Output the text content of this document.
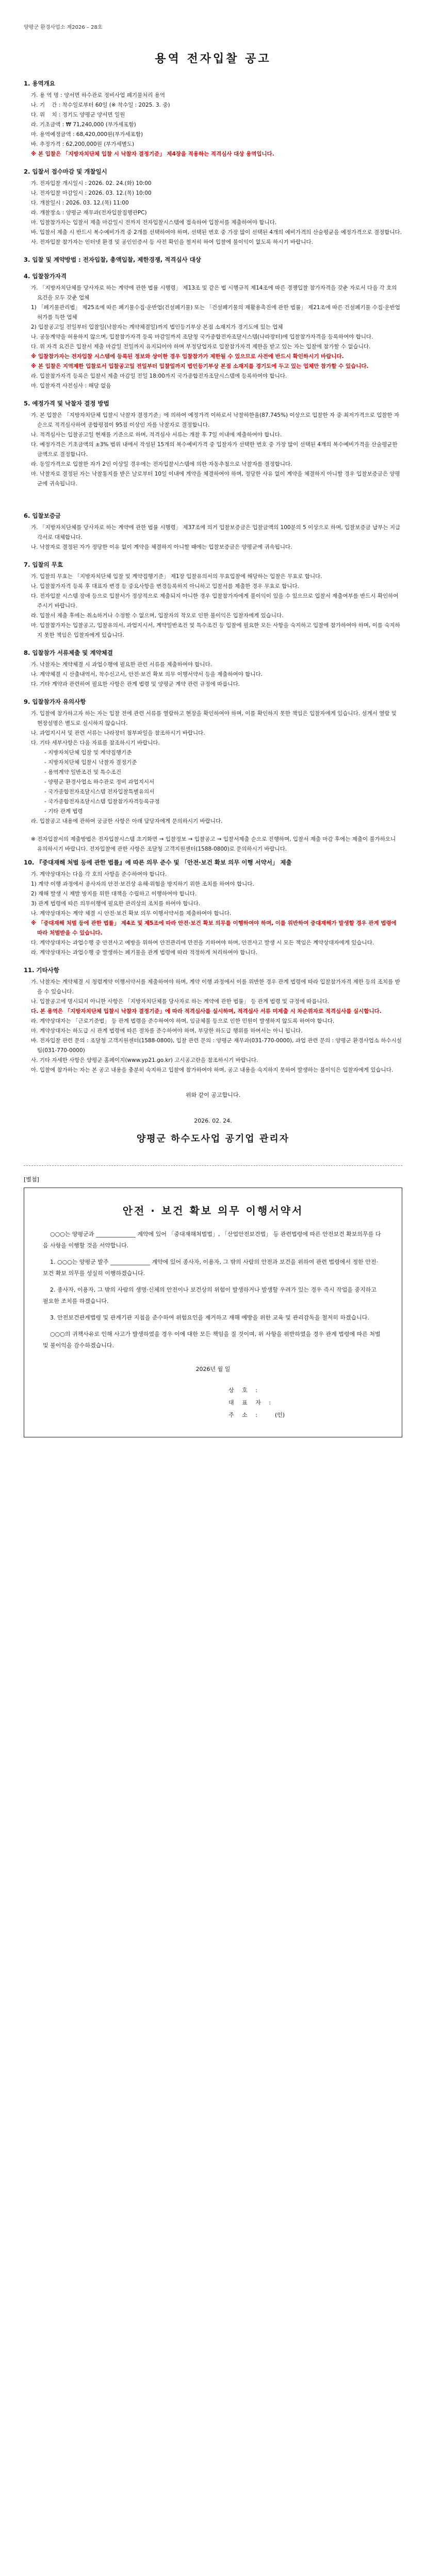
양평군 환경사업소 제2026 – 28호
용역 전자입찰 공고
1. 용역개요
가. 용 역 명 : 양서면 하수관로 정비사업 폐기물처리 용역
나. 기    간 : 착수일로부터 60일 (※ 착수일 : 2025. 3. 중)
다. 위    치 : 경기도 양평군 양서면 일원
라. 기초금액 : ₩ 71,240,000 (부가세포함)
마. 용역예정금액 : 68,420,000원(부가세포함)
바. 추정가격 : 62,200,000원 (부가세별도)
※ 본 입찰은 「지방자치단체 입찰 시 낙찰자 결정기준」 제4장을 적용하는 적격심사 대상 용역입니다.
2. 입찰서 접수마감 및 개찰일시
가. 전자입찰 개시일시 : 2026. 02. 24.(화) 10:00
나. 전자입찰 마감일시 : 2026. 03. 12.(목) 10:00
다. 개찰일시 : 2026. 03. 12.(목) 11:00
라. 개찰장소 : 양평군 재무과(전자입찰집행관PC)
마. 입찰참가자는 입찰서 제출 마감일시 전까지 전자입찰시스템에 접속하여 입찰서를 제출하여야 합니다.
바. 입찰서 제출 시 반드시 복수예비가격 중 2개를 선택하여야 하며, 선택된 번호 중 가장 많이 선택된 4개의 예비가격의 산술평균을 예정가격으로 결정합니다.
사. 전자입찰 참가자는 인터넷 환경 및 공인인증서 등 사전 확인을 철저히 하여 입찰에 불이익이 없도록 하시기 바랍니다.
3. 입찰 및 계약방법 : 전자입찰, 총액입찰, 제한경쟁, 적격심사 대상
4. 입찰참가자격
가. 「지방자치단체를 당사자로 하는 계약에 관한 법률 시행령」 제13조 및 같은 법 시행규칙 제14조에 따른 경쟁입찰 참가자격을 갖춘 자로서 다음 각 호의 요건을 모두 갖춘 업체
1) 「폐기물관리법」 제25조에 따른 폐기물수집·운반업(건설폐기물) 또는 「건설폐기물의 재활용촉진에 관한 법률」 제21조에 따른 건설폐기물 수집·운반업 허가를 득한 업체
2) 입찰공고일 전일부터 입찰일(낙찰자는 계약체결일)까지 법인등기부상 본점 소재지가 경기도에 있는 업체
나. 공동계약을 허용하지 않으며, 입찰참가자격 등록 마감일까지 조달청 국가종합전자조달시스템(나라장터)에 입찰참가자격을 등록하여야 합니다.
다. 위 자격 요건은 입찰서 제출 마감일 전일까지 유지되어야 하며 부정당업자로 입찰참가자격 제한을 받고 있는 자는 입찰에 참가할 수 없습니다.
※ 입찰참가자는 전자입찰 시스템에 등록된 정보와 상이한 경우 입찰참가가 제한될 수 있으므로 사전에 반드시 확인하시기 바랍니다.
※ 본 입찰은 지역제한 입찰로서 입찰공고일 전일부터 입찰일까지 법인등기부상 본점 소재지를 경기도에 두고 있는 업체만 참가할 수 있습니다.
라. 입찰참가자격 등록은 입찰서 제출 마감일 전일 18:00까지 국가종합전자조달시스템에 등록하여야 합니다.
마. 입찰자격 사전심사 : 해당 없음
5. 예정가격 및 낙찰자 결정 방법
가. 본 입찰은 「지방자치단체 입찰시 낙찰자 결정기준」에 의하여 예정가격 이하로서 낙찰하한율(87.745%) 이상으로 입찰한 자 중 최저가격으로 입찰한 자 순으로 적격심사하여 종합평점이 95점 이상인 자를 낙찰자로 결정합니다.
나. 적격심사는 입찰공고일 현재를 기준으로 하며, 적격심사 서류는 개찰 후 7일 이내에 제출하여야 합니다.
다. 예정가격은 기초금액의 ±3% 범위 내에서 작성된 15개의 복수예비가격 중 입찰자가 선택한 번호 중 가장 많이 선택된 4개의 복수예비가격을 산술평균한 금액으로 결정합니다.
라. 동일가격으로 입찰한 자가 2인 이상일 경우에는 전자입찰시스템에 의한 자동추첨으로 낙찰자를 결정합니다.
마. 낙찰자로 결정된 자는 낙찰통지를 받은 날로부터 10일 이내에 계약을 체결하여야 하며, 정당한 사유 없이 계약을 체결하지 아니할 경우 입찰보증금은 양평군에 귀속됩니다.
6. 입찰보증금
가. 「지방자치단체를 당사자로 하는 계약에 관한 법률 시행령」 제37조에 의거 입찰보증금은 입찰금액의 100분의 5 이상으로 하며, 입찰보증금 납부는 지급각서로 대체합니다.
나. 낙찰자로 결정된 자가 정당한 이유 없이 계약을 체결하지 아니할 때에는 입찰보증금은 양평군에 귀속됩니다.
7. 입찰의 무효
가. 입찰의 무효는 「지방자치단체 입찰 및 계약집행기준」 제1장 입찰유의서의 무효입찰에 해당하는 입찰은 무효로 합니다.
나. 입찰참가자격 등록 후 대표자 변경 등 중요사항을 변경등록하지 아니하고 입찰서를 제출한 경우 무효로 합니다.
다. 전자입찰 시스템 장애 등으로 입찰서가 정상적으로 제출되지 아니한 경우 입찰참가자에게 불이익이 있을 수 있으므로 입찰서 제출여부를 반드시 확인하여 주시기 바랍니다.
라. 입찰서 제출 후에는 취소하거나 수정할 수 없으며, 입찰자의 착오로 인한 불이익은 입찰자에게 있습니다.
마. 입찰참가자는 입찰공고, 입찰유의서, 과업지시서, 계약일반조건 및 특수조건 등 입찰에 필요한 모든 사항을 숙지하고 입찰에 참가하여야 하며, 이를 숙지하지 못한 책임은 입찰자에게 있습니다.
8. 입찰참가 서류제출 및 계약체결
가. 낙찰자는 계약체결 시 과업수행에 필요한 관련 서류를 제출하여야 합니다.
나. 계약체결 시 산출내역서, 착수신고서, 안전·보건 확보 의무 이행서약서 등을 제출하여야 합니다.
다. 기타 계약과 관련하여 필요한 사항은 관계 법령 및 양평군 계약 관련 규정에 따릅니다.
9. 입찰참가자 유의사항
가. 입찰에 참가하고자 하는 자는 입찰 전에 관련 서류를 열람하고 현장을 확인하여야 하며, 이를 확인하지 못한 책임은 입찰자에게 있습니다. 설계서 열람 및 현장설명은 별도로 실시하지 않습니다.
나. 과업지시서 및 관련 서류는 나라장터 첨부파일을 참조하시기 바랍니다.
다. 기타 세부사항은 다음 자료를 참조하시기 바랍니다.
- 지방자치단체 입찰 및 계약집행기준
- 지방자치단체 입찰시 낙찰자 결정기준
- 용역계약 일반조건 및 특수조건
- 양평군 환경사업소 하수관로 정비 과업지시서
- 국가종합전자조달시스템 전자입찰특별유의서
- 국가종합전자조달시스템 입찰참가자격등록규정
- 기타 관계 법령
라. 입찰공고 내용에 관하여 궁금한 사항은 아래 담당자에게 문의하시기 바랍니다.
※ 전자입찰서의 제출방법은 전자입찰시스템 초기화면 → 입찰정보 → 입찰공고 → 입찰서제출 순으로 진행하며, 입찰서 제출 마감 후에는 제출이 불가하오니 유의하시기 바랍니다. 전자입찰에 관한 사항은 조달청 고객지원센터(1588-0800)로 문의하시기 바랍니다.
10. 『중대재해 처벌 등에 관한 법률』에 따른 의무 준수 및 「안전·보건 확보 의무 이행 서약서」 제출
가. 계약상대자는 다음 각 호의 사항을 준수하여야 합니다.
1) 계약 이행 과정에서 종사자의 안전·보건상 유해·위험을 방지하기 위한 조치를 하여야 합니다.
2) 재해 발생 시 재발 방지를 위한 대책을 수립하고 이행하여야 합니다.
3) 관계 법령에 따른 의무이행에 필요한 관리상의 조치를 하여야 합니다.
나. 계약상대자는 계약 체결 시 안전·보건 확보 의무 이행서약서를 제출하여야 합니다.
※ 「중대재해 처벌 등에 관한 법률」 제4조 및 제5조에 따라 안전·보건 확보 의무를 이행하여야 하며, 이를 위반하여 중대재해가 발생할 경우 관계 법령에 따라 처벌받을 수 있습니다.
다. 계약상대자는 과업수행 중 안전사고 예방을 위하여 안전관리에 만전을 기하여야 하며, 안전사고 발생 시 모든 책임은 계약상대자에게 있습니다.
라. 계약상대자는 과업수행 중 발생하는 폐기물을 관계 법령에 따라 적정하게 처리하여야 합니다.
11. 기타사항
가. 낙찰자는 계약체결 시 청렴계약 이행서약서를 제출하여야 하며, 계약 이행 과정에서 이를 위반한 경우 관계 법령에 따라 입찰참가자격 제한 등의 조치를 받을 수 있습니다.
나. 입찰공고에 명시되지 아니한 사항은 「지방자치단체를 당사자로 하는 계약에 관한 법률」 등 관계 법령 및 규정에 따릅니다.
다. 본 용역은 「지방자치단체 입찰시 낙찰자 결정기준」에 따라 적격심사를 실시하며, 적격심사 서류 미제출 시 차순위자로 적격심사를 실시합니다.
라. 계약상대자는 「근로기준법」 등 관계 법령을 준수하여야 하며, 임금체불 등으로 인한 민원이 발생하지 않도록 하여야 합니다.
마. 계약상대자는 하도급 시 관계 법령에 따른 절차를 준수하여야 하며, 부당한 하도급 행위를 하여서는 아니 됩니다.
바. 전자입찰 관련 문의 : 조달청 고객지원센터(1588-0800), 입찰 관련 문의 : 양평군 재무과(031-770-0000), 과업 관련 문의 : 양평군 환경사업소 하수시설팀(031-770-0000)
사. 기타 자세한 사항은 양평군 홈페이지(www.yp21.go.kr) 고시공고란을 참조하시기 바랍니다.
아. 입찰에 참가하는 자는 본 공고 내용을 충분히 숙지하고 입찰에 참가하여야 하며, 공고 내용을 숙지하지 못하여 발생하는 불이익은 입찰자에게 있습니다.
위와 같이 공고합니다.
2026. 02. 24.
양평군 하수도사업 공기업 관리자
[별첨]
안전 · 보건 확보 의무 이행서약서

○○○는 양평군과 ______________ 계약에 있어 「중대재해처벌법」, 「산업안전보건법」 등 관련법령에 따른 안전보건 확보의무를 다음 사항을 이행할 것을 서약합니다.

1. ○○○는 양평군 발주 ______________ 계약에 있어 종사자, 이용자, 그 밖의 사람의 안전과 보건을 위하여 관련 법령에서 정한 안전·보건 확보 의무를 성실히 이행하겠습니다.

2. 종사자, 이용자, 그 밖의 사람의 생명·신체의 안전이나 보건상의 위험이 발생하거나 발생할 우려가 있는 경우 즉시 작업을 중지하고 필요한 조치를 하겠습니다.

3. 안전보건관계법령 및 관계기관 지침을 준수하여 위험요인을 제거하고 재해 예방을 위한 교육 및 관리감독을 철저히 하겠습니다.

○○○의 귀책사유로 인해 사고가 발생하였을 경우 이에 대한 모든 책임을 질 것이며, 위 사항을 위반하였을 경우 관계 법령에 따른 처벌 및 불이익을 감수하겠습니다.

2026년 월 일
상 호 :
대 표 자 :
주 소 :	(인)
